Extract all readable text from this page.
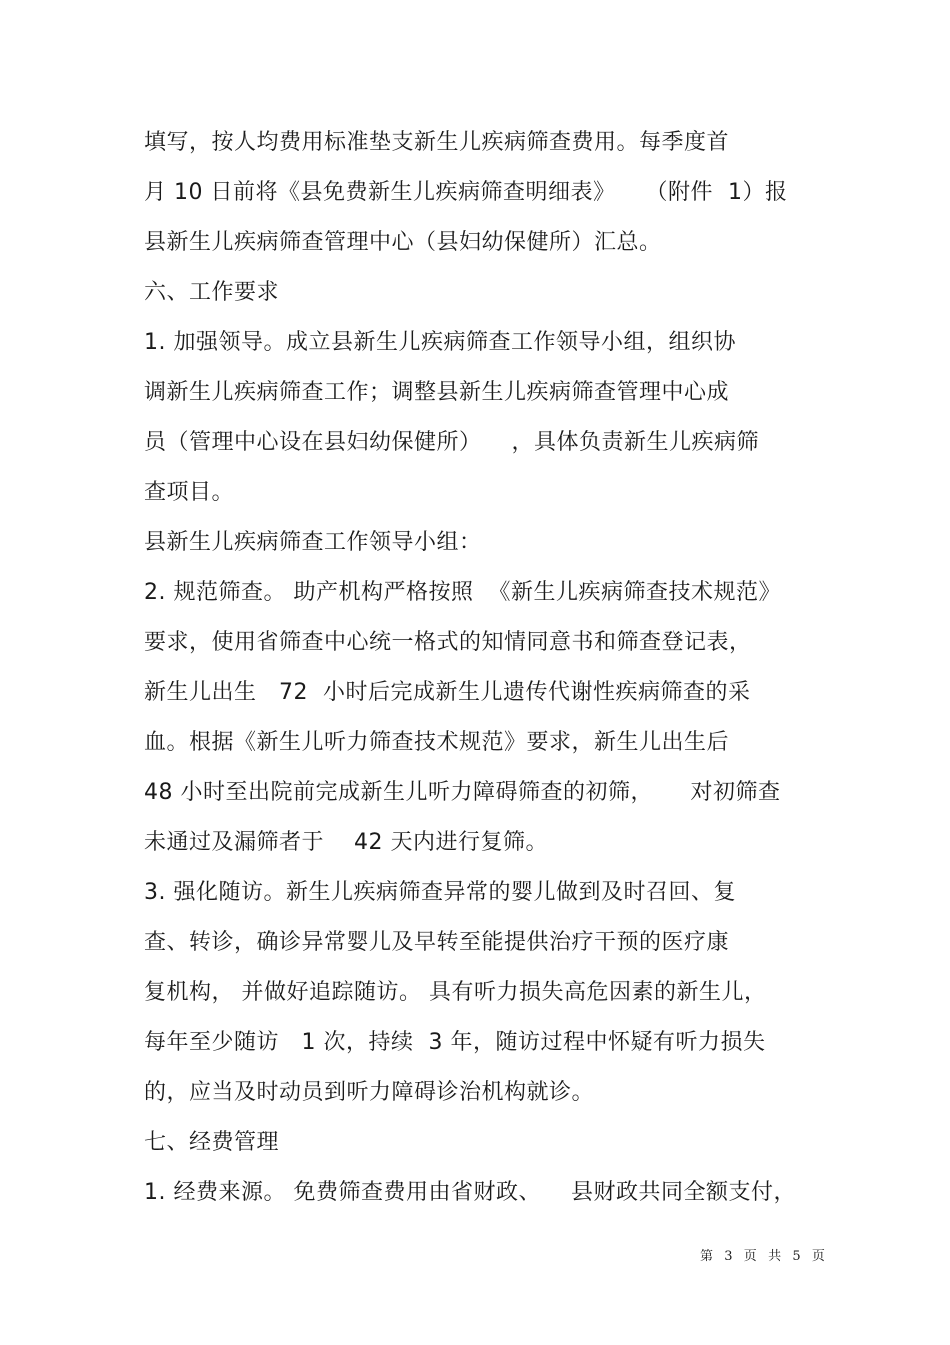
填写，按人均费用标准垫支新生儿疾病筛查费用。每季度首
月 10 日前将《县免费新生儿疾病筛查明细表》    （附件  1）报
县新生儿疾病筛查管理中心（县妇幼保健所）汇总。
六、工作要求
1. 加强领导。成立县新生儿疾病筛查工作领导小组，组织协
调新生儿疾病筛查工作；调整县新生儿疾病筛查管理中心成
员（管理中心设在县妇幼保健所）    ，具体负责新生儿疾病筛
查项目。
县新生儿疾病筛查工作领导小组：
2. 规范筛查。 助产机构严格按照  《新生儿疾病筛查技术规范》
要求，使用省筛查中心统一格式的知情同意书和筛查登记表，
新生儿出生   72  小时后完成新生儿遗传代谢性疾病筛查的采
血。根据《新生儿听力筛查技术规范》要求，新生儿出生后
48 小时至出院前完成新生儿听力障碍筛查的初筛，     对初筛查
未通过及漏筛者于    42 天内进行复筛。
3. 强化随访。新生儿疾病筛查异常的婴儿做到及时召回、复
查、转诊，确诊异常婴儿及早转至能提供治疗干预的医疗康
复机构， 并做好追踪随访。 具有听力损失高危因素的新生儿，
每年至少随访   1 次，持续  3 年，随访过程中怀疑有听力损失
的，应当及时动员到听力障碍诊治机构就诊。
七、经费管理
1. 经费来源。 免费筛查费用由省财政、    县财政共同全额支付，
第  3  页  共  5  页
